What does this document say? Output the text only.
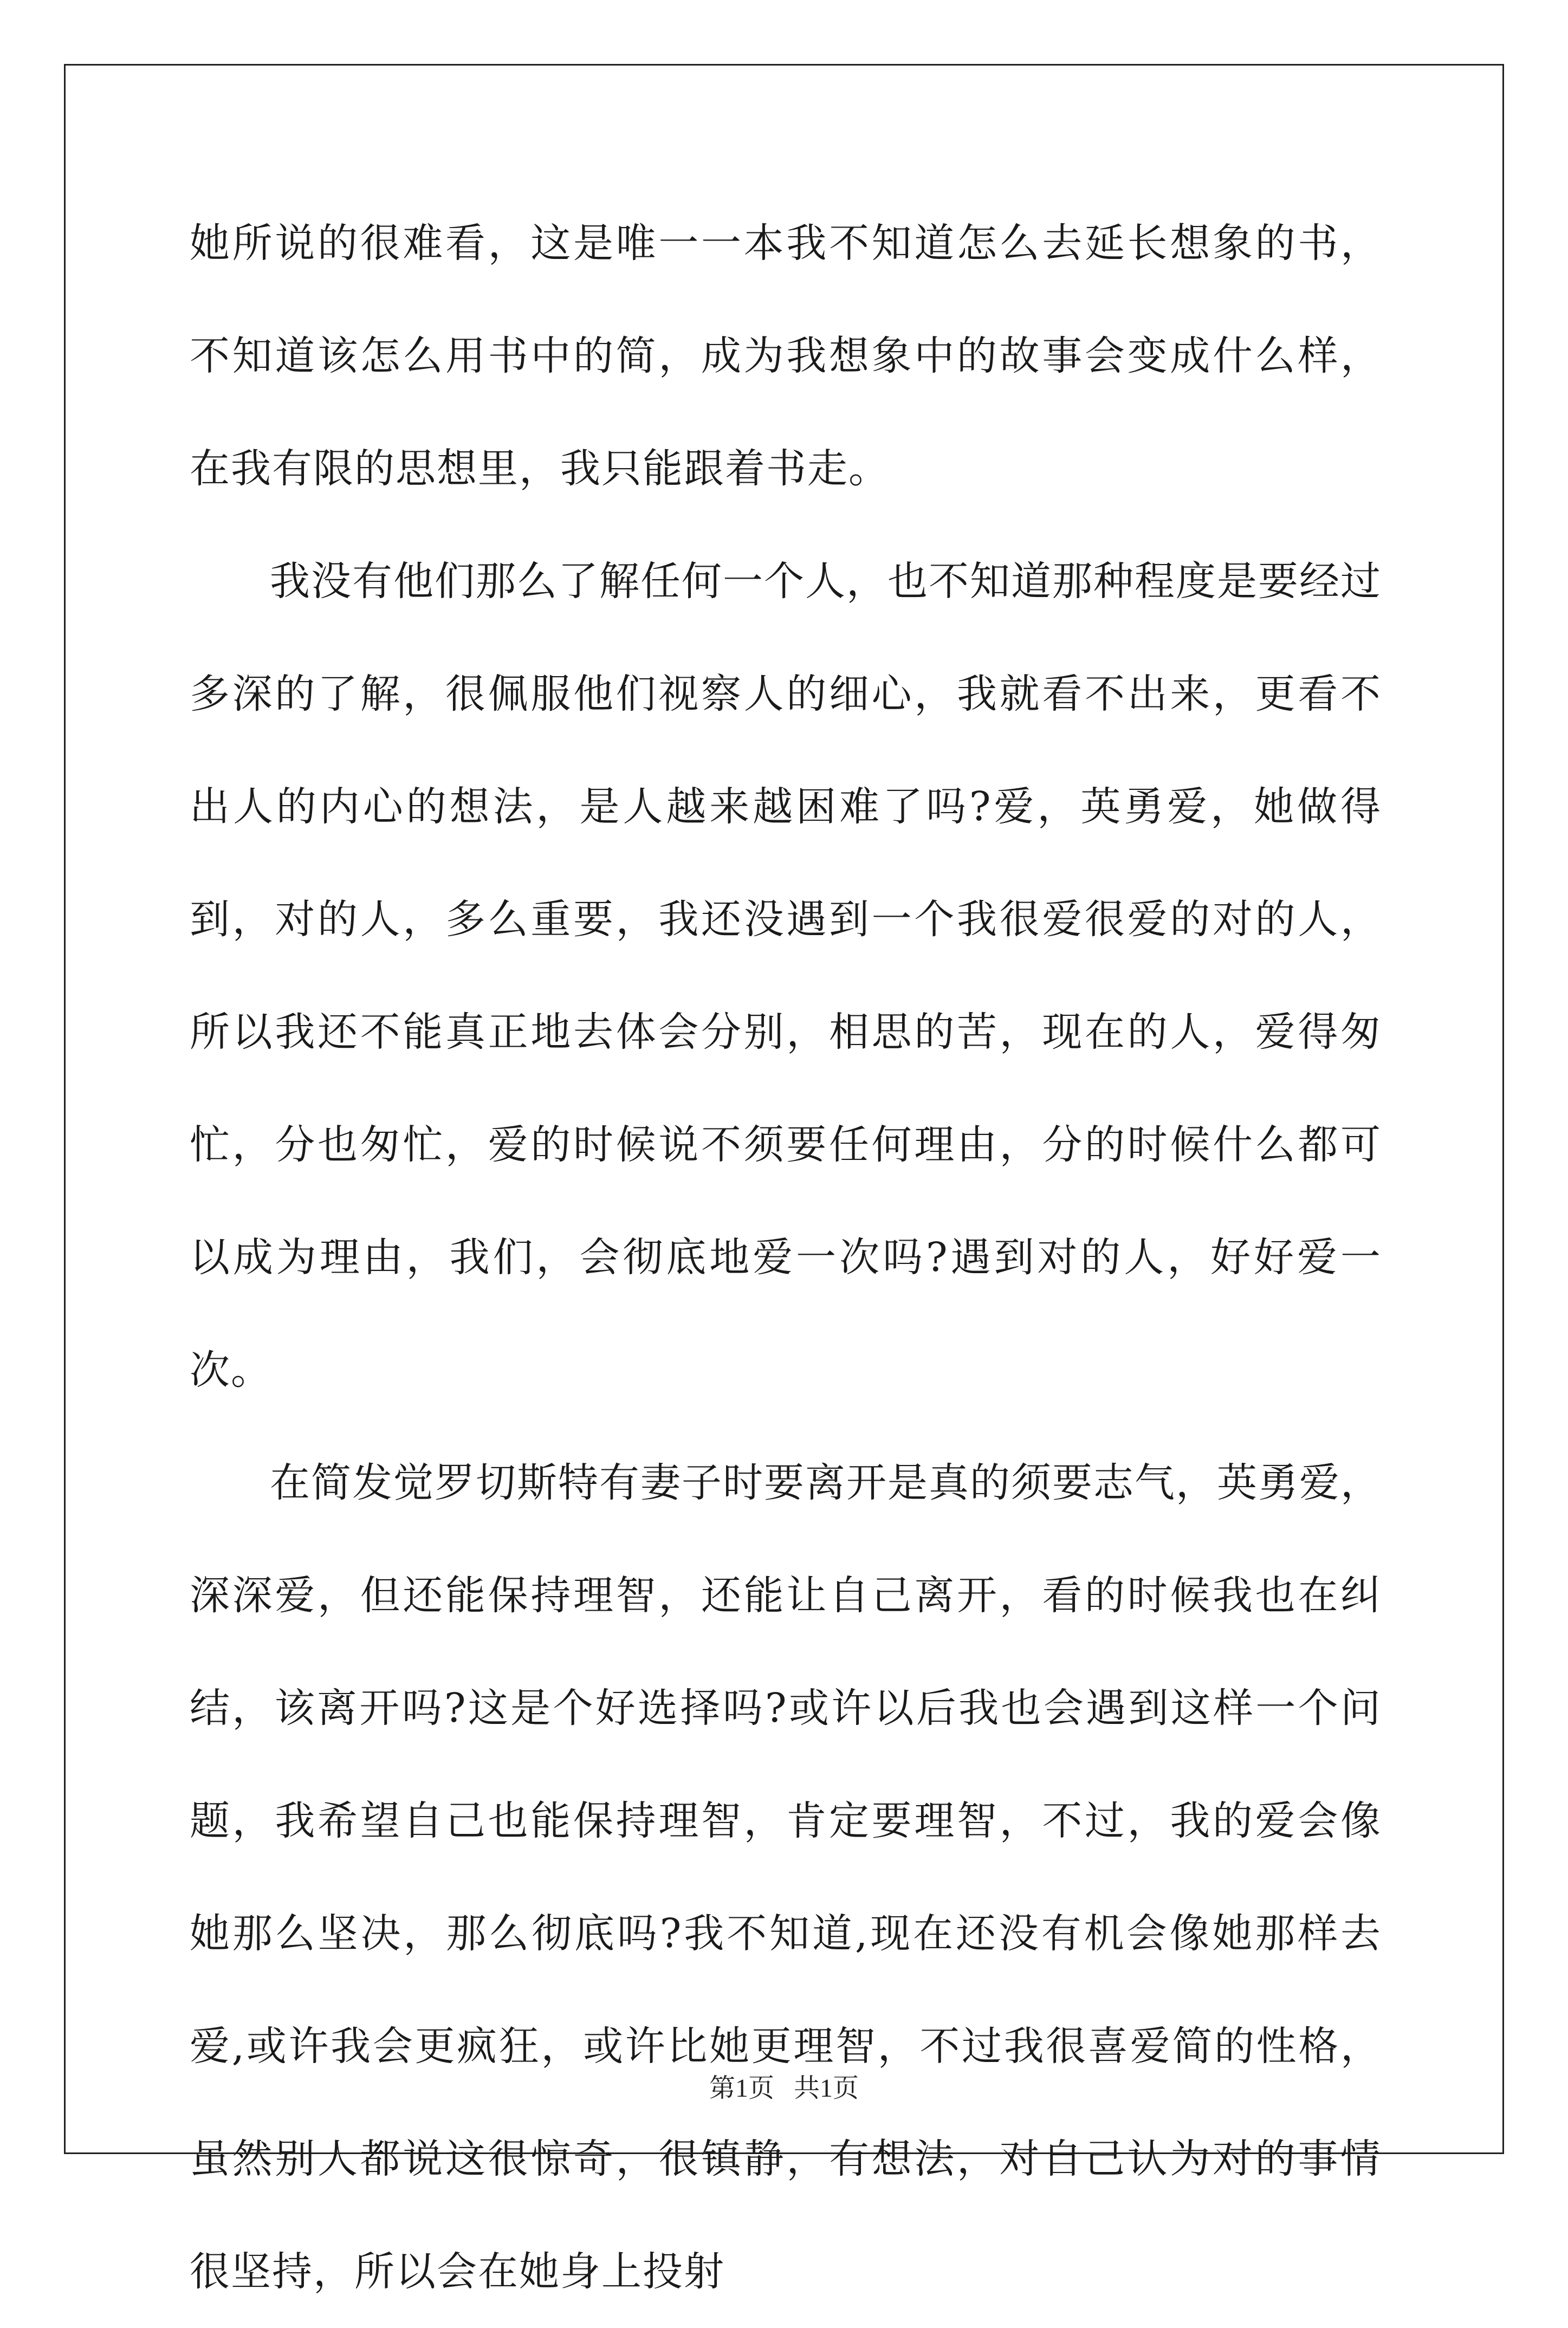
她所说的很难看，这是唯一一本我不知道怎么去延长想象的书，不知道该怎么用书中的简，成为我想象中的故事会变成什么样，在我有限的思想里，我只能跟着书走。

我没有他们那么了解任何一个人，也不知道那种程度是要经过多深的了解，很佩服他们视察人的细心，我就看不出来，更看不出人的内心的想法，是人越来越困难了吗?爱，英勇爱，她做得到，对的人，多么重要，我还没遇到一个我很爱很爱的对的人，所以我还不能真正地去体会分别，相思的苦，现在的人，爱得匆忙，分也匆忙，爱的时候说不须要任何理由，分的时候什么都可以成为理由，我们，会彻底地爱一次吗?遇到对的人，好好爱一次。

在简发觉罗切斯特有妻子时要离开是真的须要志气，英勇爱，深深爱，但还能保持理智，还能让自己离开，看的时候我也在纠结，该离开吗?这是个好选择吗?或许以后我也会遇到这样一个问题，我希望自己也能保持理智，肯定要理智，不过，我的爱会像她那么坚决，那么彻底吗?我不知道,现在还没有机会像她那样去爱,或许我会更疯狂，或许比她更理智，不过我很喜爱简的性格，虽然别人都说这很惊奇，很镇静，有想法，对自己认为对的事情很坚持，所以会在她身上投射

第1页   共1页
